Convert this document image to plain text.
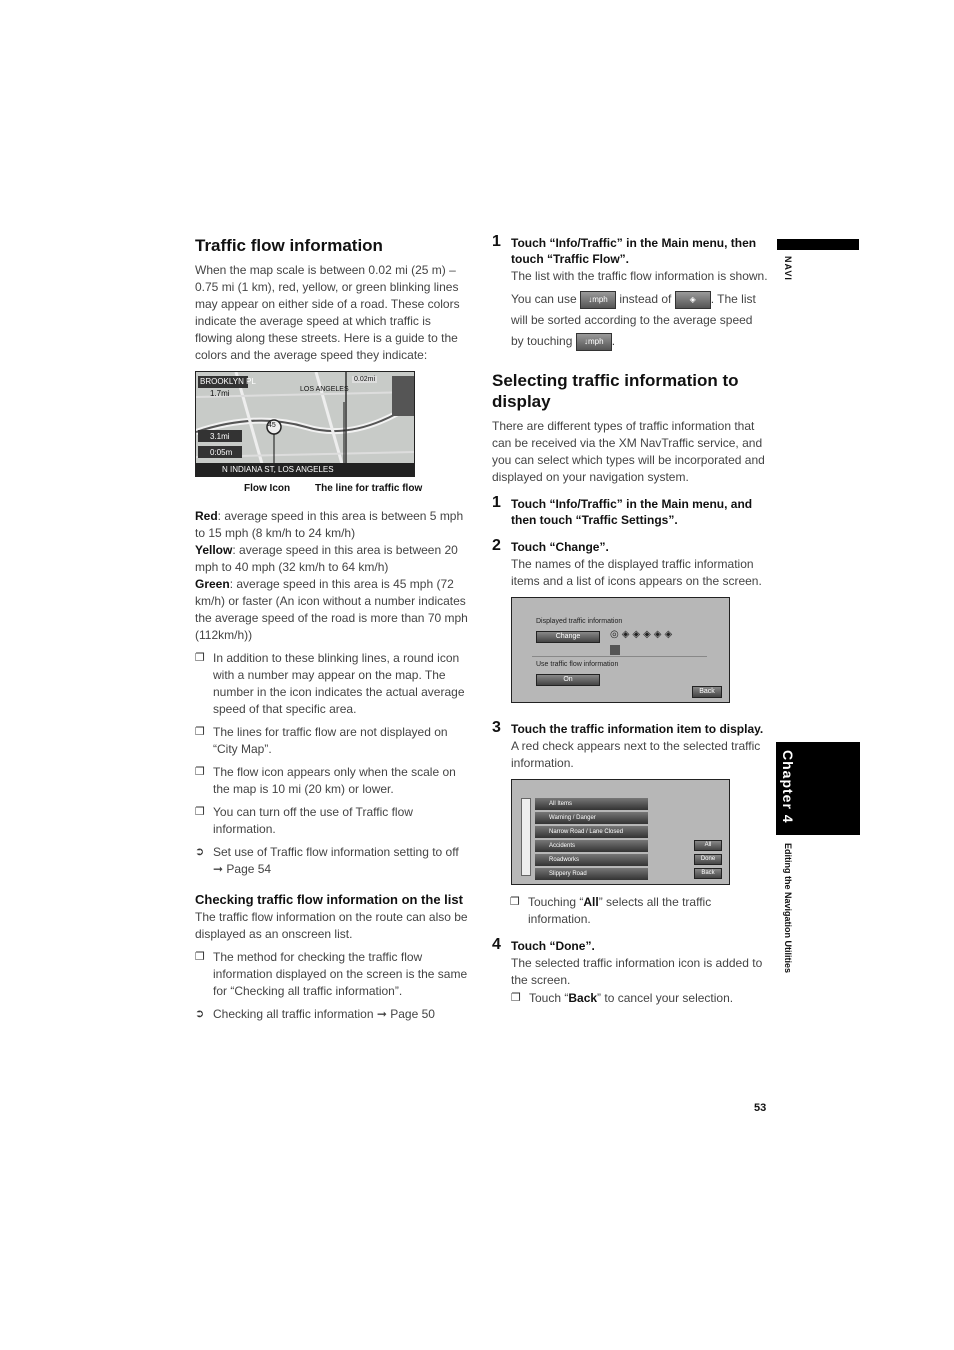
Traffic flow information

When the map scale is between 0.02 mi (25 m) – 0.75 mi (1 km), red, yellow, or green blinking lines may appear on either side of a road. These colors indicate the average speed at which traffic is flowing along these streets. Here is a guide to the colors and the average speed they indicate:

BROOKLYN PL
LOS ANGELES
0.02mi
1.7mi
3.1mi
0:05m
45
N INDIANA ST, LOS ANGELES
Flow Icon The line for traffic flow

Red: average speed in this area is between 5 mph to 15 mph (8 km/h to 24 km/h)

Yellow: average speed in this area is between 20 mph to 40 mph (32 km/h to 64 km/h)

Green: average speed in this area is 45 mph (72 km/h) or faster (An icon without a number indicates the average speed of the road is more than 70 mph (112km/h))

❐ In addition to these blinking lines, a round icon with a number may appear on the map. The number in the icon indicates the actual average speed of that specific area.
❐ The lines for traffic flow are not displayed on “City Map”.
❐ The flow icon appears only when the scale on the map is 10 mi (20 km) or lower.
❐ You can turn off the use of Traffic flow information.
➲ Set use of Traffic flow information setting to off ➞ Page 54
Checking traffic flow information on the list

The traffic flow information on the route can also be displayed as an onscreen list.

❐ The method for checking the traffic flow information displayed on the screen is the same for “Checking all traffic information”.
➲ Checking all traffic information ➞ Page 50
1 Touch “Info/Traffic” in the Main menu, then touch “Traffic Flow”.

The list with the traffic flow information is shown.

You can use ↓mph instead of ◈ . The list will be sorted according to the average speed by touching ↓mph .

Selecting traffic information to display

There are different types of traffic information that can be received via the XM NavTraffic service, and you can select which types will be incorporated and displayed on your navigation system.

1 Touch “Info/Traffic” in the Main menu, and then touch “Traffic Settings”.
2 Touch “Change”.

The names of the displayed traffic information items and a list of icons appears on the screen.

Displayed traffic information
Change	◎◈◈◈◈◈
Use traffic flow information
On
Back
3 Touch the traffic information item to display.

A red check appears next to the selected traffic information.

All Items
Warning / Danger
Narrow Road / Lane Closed
Accidents
Roadworks
Slippery Road
All
Done
Back
❐ Touching “All” selects all the traffic information.
4 Touch “Done”.

The selected traffic information icon is added to the screen.

❐ Touch “Back” to cancel your selection.
NAVI
Chapter 4
Editing the Navigation Utilities
53
